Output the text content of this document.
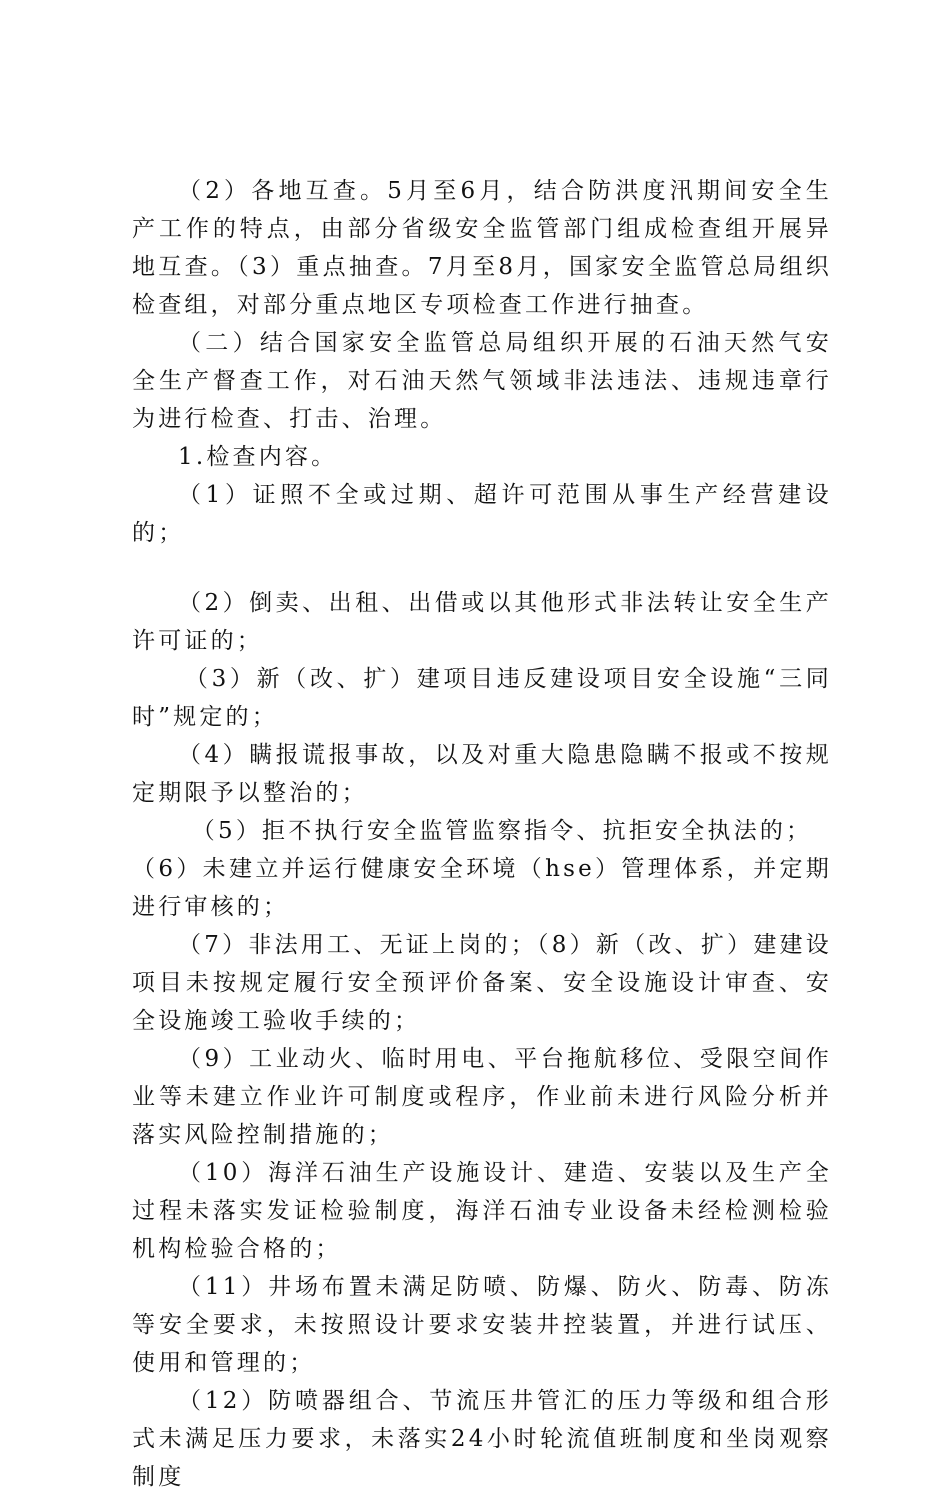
（2）各地互查。5月至6月，结合防洪度汛期间安全生产工作的特点，由部分省级安全监管部门组成检查组开展异地互查。（3）重点抽查。7月至8月，国家安全监管总局组织检查组，对部分重点地区专项检查工作进行抽查。

（二）结合国家安全监管总局组织开展的石油天然气安全生产督查工作，对石油天然气领域非法违法、违规违章行为进行检查、打击、治理。

1.检查内容。

（1）证照不全或过期、超许可范围从事生产经营建设的；

（2）倒卖、出租、出借或以其他形式非法转让安全生产许可证的；

（3）新（改、扩）建项目违反建设项目安全设施“三同时”规定的；

（4）瞒报谎报事故，以及对重大隐患隐瞒不报或不按规定期限予以整治的；

（5）拒不执行安全监管监察指令、抗拒安全执法的；

（6）未建立并运行健康安全环境（hse）管理体系，并定期进行审核的；

（7）非法用工、无证上岗的；（8）新（改、扩）建建设项目未按规定履行安全预评价备案、安全设施设计审查、安全设施竣工验收手续的；

（9）工业动火、临时用电、平台拖航移位、受限空间作业等未建立作业许可制度或程序，作业前未进行风险分析并落实风险控制措施的；

（10）海洋石油生产设施设计、建造、安装以及生产全过程未落实发证检验制度，海洋石油专业设备未经检测检验机构检验合格的；

（11）井场布置未满足防喷、防爆、防火、防毒、防冻等安全要求，未按照设计要求安装井控装置，并进行试压、使用和管理的；

（12）防喷器组合、节流压井管汇的压力等级和组合形式未满足压力要求，未落实24小时轮流值班制度和坐岗观察制度
